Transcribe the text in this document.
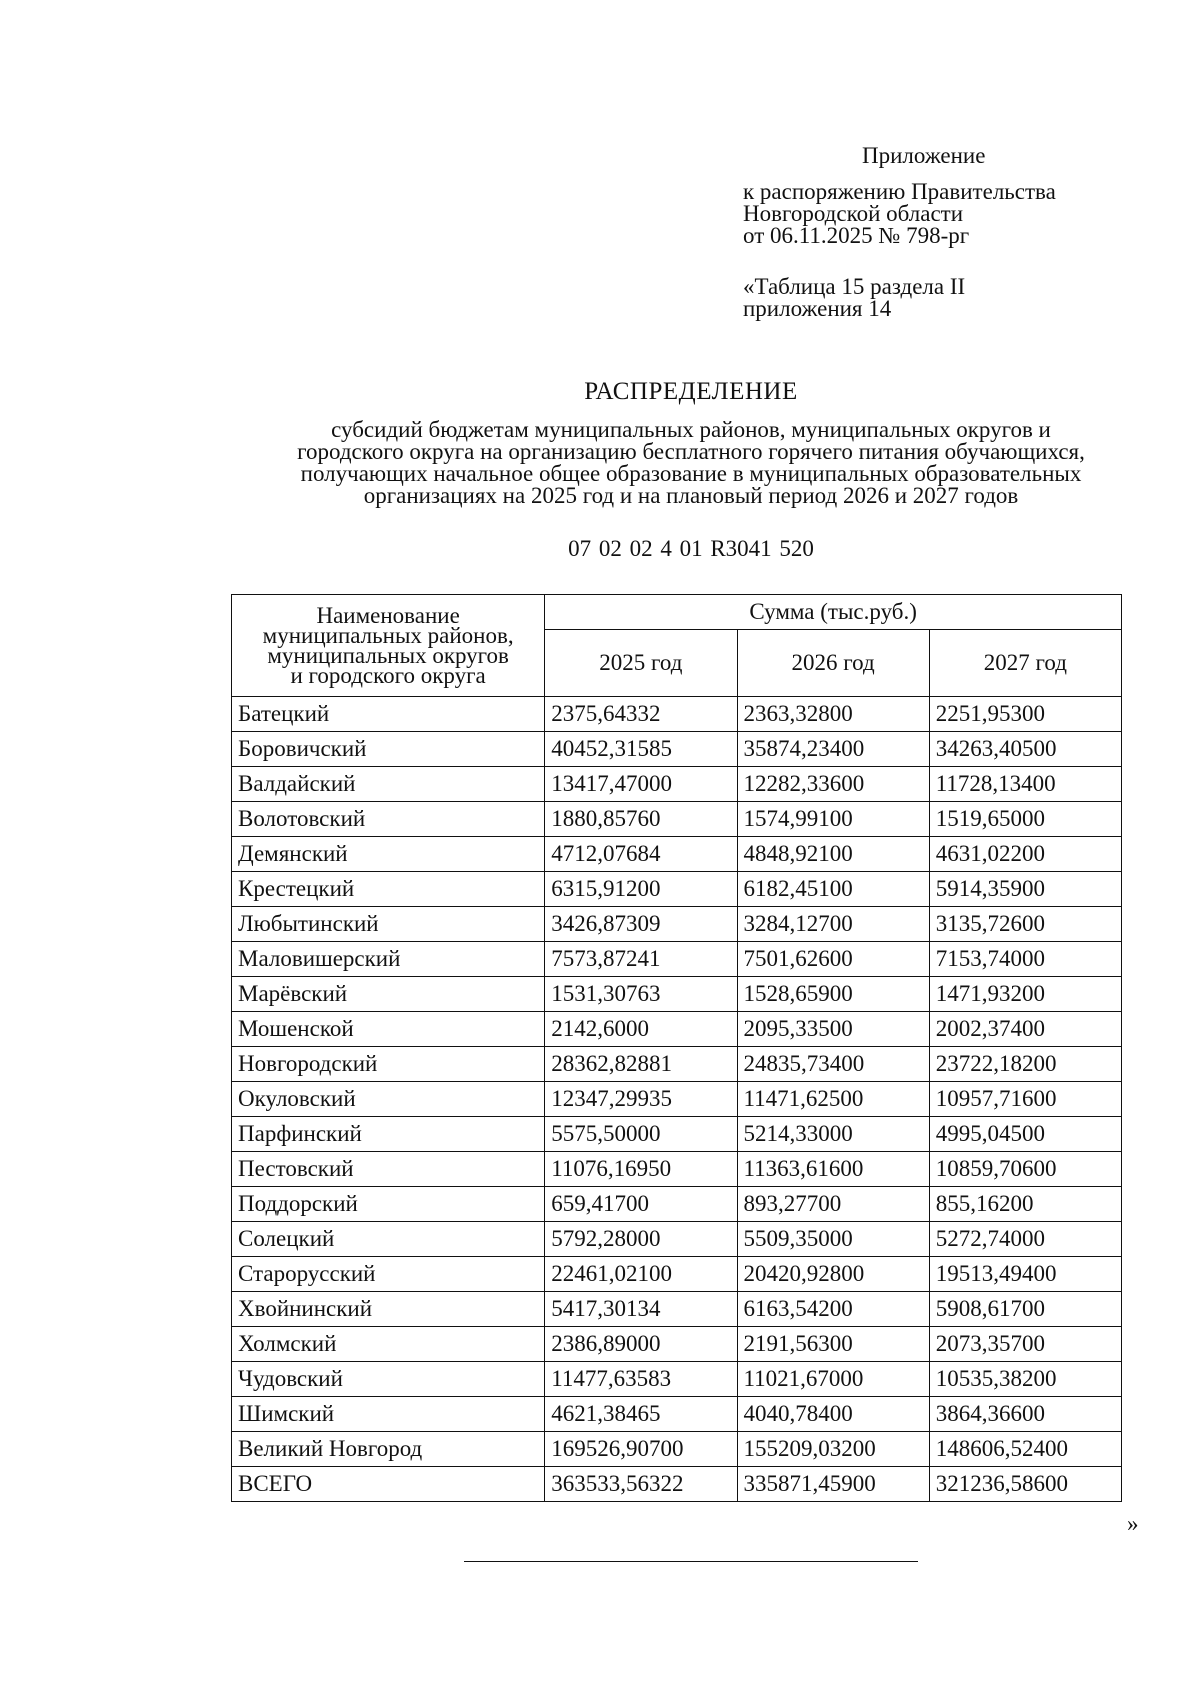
Приложение
к распоряжению Правительства
Новгородской области
от 06.11.2025 № 798-рг
«Таблица 15 раздела II
приложения 14
РАСПРЕДЕЛЕНИЕ
субсидий бюджетам муниципальных районов, муниципальных округов и
городского округа на организацию бесплатного горячего питания обучающихся,
получающих начальное общее образование в муниципальных образовательных
организациях на 2025 год и на плановый период 2026 и 2027 годов
07 02 02 4 01 R3041 520
Наименование
муниципальных районов,
муниципальных округов
и городского округа	Сумма (тыс.руб.)		
	2025 год	2026 год	2027 год
Батецкий	2375,64332	2363,32800	2251,95300
Боровичский	40452,31585	35874,23400	34263,40500
Валдайский	13417,47000	12282,33600	11728,13400
Волотовский	1880,85760	1574,99100	1519,65000
Демянский	4712,07684	4848,92100	4631,02200
Крестецкий	6315,91200	6182,45100	5914,35900
Любытинский	3426,87309	3284,12700	3135,72600
Маловишерский	7573,87241	7501,62600	7153,74000
Марёвский	1531,30763	1528,65900	1471,93200
Мошенской	2142,6000	2095,33500	2002,37400
Новгородский	28362,82881	24835,73400	23722,18200
Окуловский	12347,29935	11471,62500	10957,71600
Парфинский	5575,50000	5214,33000	4995,04500
Пестовский	11076,16950	11363,61600	10859,70600
Поддорский	659,41700	893,27700	855,16200
Солецкий	5792,28000	5509,35000	5272,74000
Старорусский	22461,02100	20420,92800	19513,49400
Хвойнинский	5417,30134	6163,54200	5908,61700
Холмский	2386,89000	2191,56300	2073,35700
Чудовский	11477,63583	11021,67000	10535,38200
Шимский	4621,38465	4040,78400	3864,36600
Великий Новгород	169526,90700	155209,03200	148606,52400
ВСЕГО	363533,56322	335871,45900	321236,58600
»
